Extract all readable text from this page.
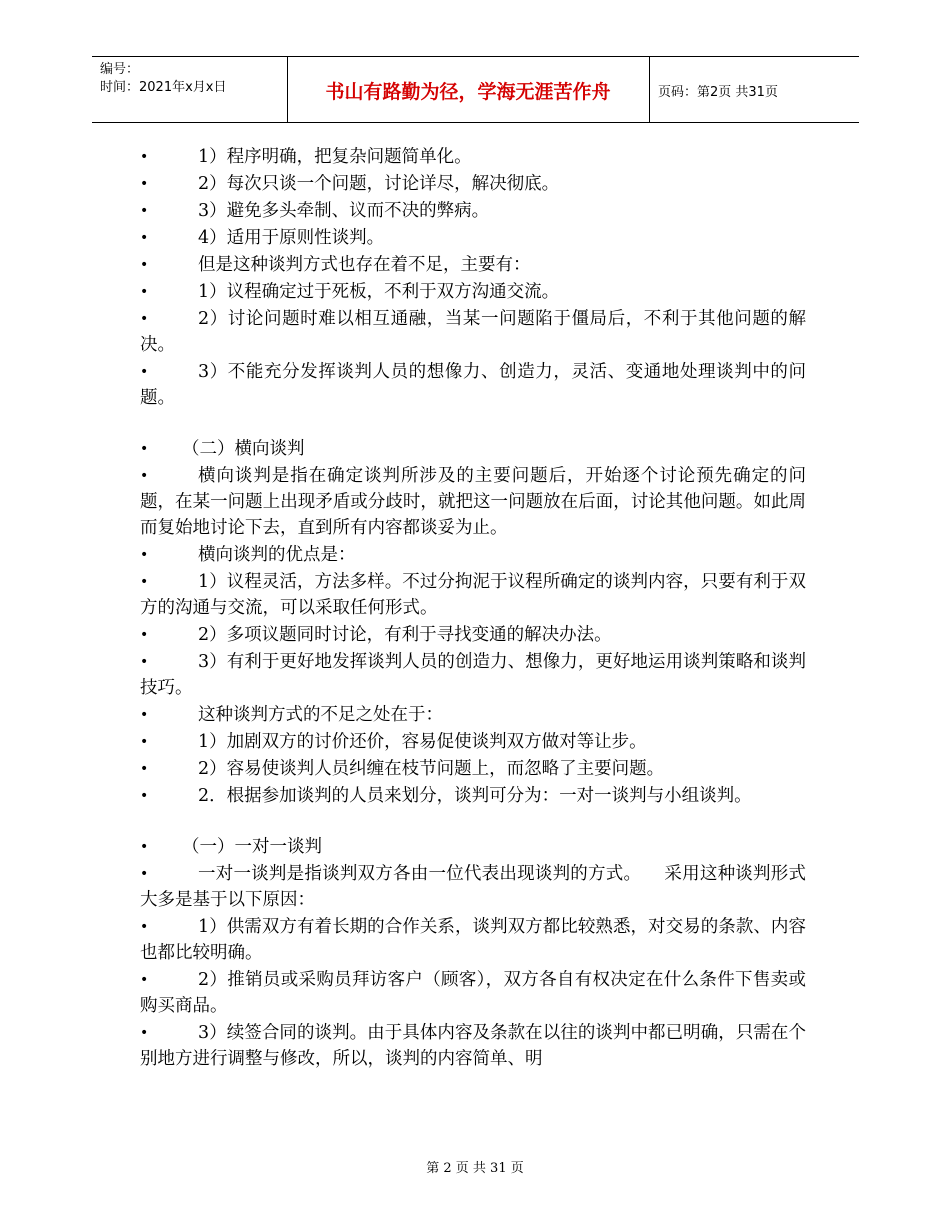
编号：
时间：2021年x月x日	书山有路勤为径，学海无涯苦作舟	页码：第2页 共31页
•	1）程序明确，把复杂问题简单化。
•	2）每次只谈一个问题，讨论详尽，解决彻底。
•	3）避免多头牵制、议而不决的弊病。
•	4）适用于原则性谈判。
•	但是这种谈判方式也存在着不足，主要有：
•	1）议程确定过于死板，不利于双方沟通交流。
•	2）讨论问题时难以相互通融，当某一问题陷于僵局后，不利于其他问题的解决。
•	3）不能充分发挥谈判人员的想像力、创造力，灵活、变通地处理谈判中的问题。
•	（二）横向谈判
•	横向谈判是指在确定谈判所涉及的主要问题后，开始逐个讨论预先确定的问题，在某一问题上出现矛盾或分歧时，就把这一问题放在后面，讨论其他问题。如此周而复始地讨论下去，直到所有内容都谈妥为止。
•	横向谈判的优点是：
•	1）议程灵活，方法多样。不过分拘泥于议程所确定的谈判内容，只要有利于双方的沟通与交流，可以采取任何形式。
•	2）多项议题同时讨论，有利于寻找变通的解决办法。
•	3）有利于更好地发挥谈判人员的创造力、想像力，更好地运用谈判策略和谈判技巧。
•	这种谈判方式的不足之处在于：
•	1）加剧双方的讨价还价，容易促使谈判双方做对等让步。
•	2）容易使谈判人员纠缠在枝节问题上，而忽略了主要问题。
•	2．根据参加谈判的人员来划分，谈判可分为：一对一谈判与小组谈判。
•	（一）一对一谈判
•	一对一谈判是指谈判双方各由一位代表出现谈判的方式。    采用这种谈判形式大多是基于以下原因：
•	1）供需双方有着长期的合作关系，谈判双方都比较熟悉，对交易的条款、内容也都比较明确。
•	2）推销员或采购员拜访客户（顾客），双方各自有权决定在什么条件下售卖或购买商品。
•	3）续签合同的谈判。由于具体内容及条款在以往的谈判中都已明确，只需在个别地方进行调整与修改，所以，谈判的内容简单、明
第 2 页 共 31 页
